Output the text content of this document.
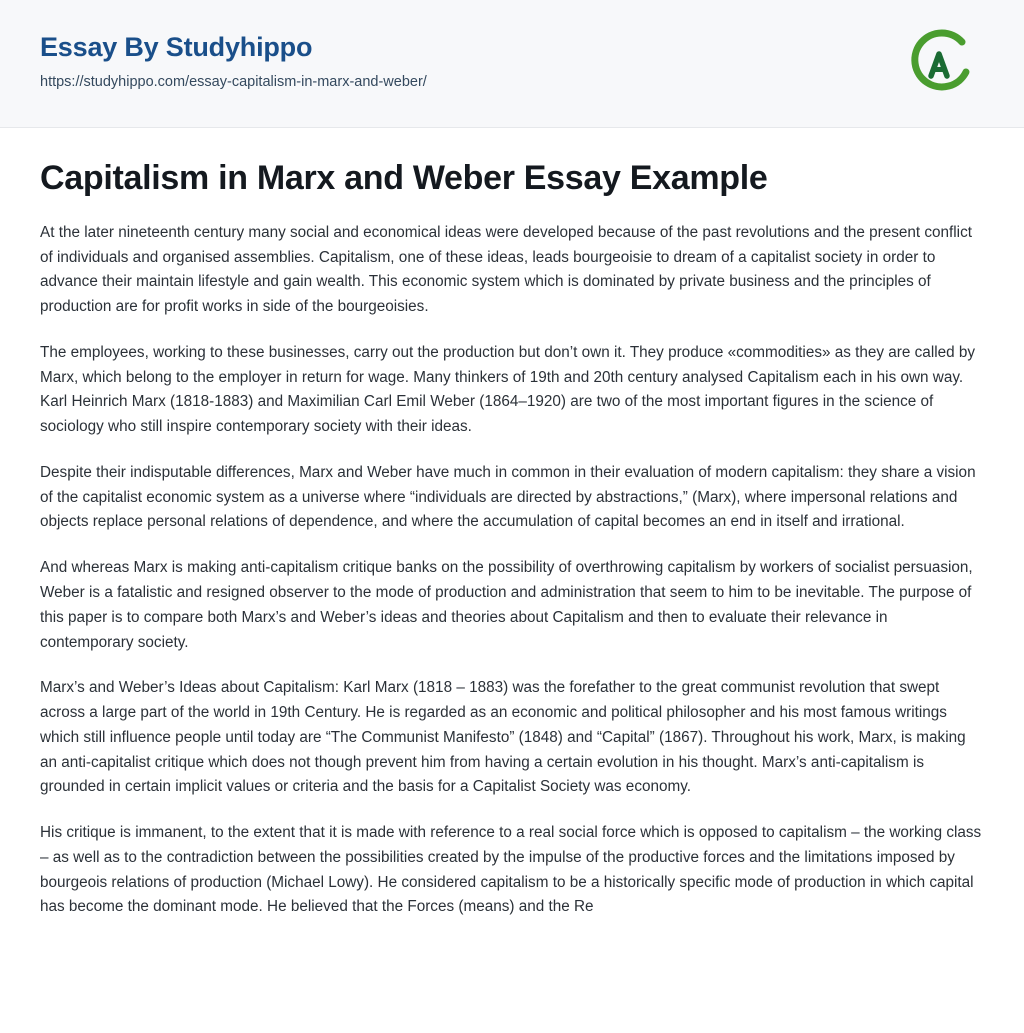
Essay By Studyhippo
https://studyhippo.com/essay-capitalism-in-marx-and-weber/
Capitalism in Marx and Weber Essay Example

At the later nineteenth century many social and economical ideas were developed because of the past revolutions and the present conflict of individuals and organised assemblies. Capitalism, one of these ideas, leads bourgeoisie to dream of a capitalist society in order to advance their maintain lifestyle and gain wealth. This economic system which is dominated by private business and the principles of production are for profit works in side of the bourgeoisies.

The employees, working to these businesses, carry out the production but don’t own it. They produce «commodities» as they are called by Marx, which belong to the employer in return for wage. Many thinkers of 19th and 20th century analysed Capitalism each in his own way. Karl Heinrich Marx (1818-1883) and Maximilian Carl Emil Weber (1864–1920) are two of the most important figures in the science of sociology who still inspire contemporary society with their ideas.

Despite their indisputable differences, Marx and Weber have much in common in their evaluation of modern capitalism: they share a vision of the capitalist economic system as a universe where “individuals are directed by abstractions,” (Marx), where impersonal relations and objects replace personal relations of dependence, and where the accumulation of capital becomes an end in itself and irrational.

And whereas Marx is making anti-capitalism critique banks on the possibility of overthrowing capitalism by workers of socialist persuasion, Weber is a fatalistic and resigned observer to the mode of production and administration that seem to him to be inevitable. The purpose of this paper is to compare both Marx’s and Weber’s ideas and theories about Capitalism and then to evaluate their relevance in contemporary society.

Marx’s and Weber’s Ideas about Capitalism: Karl Marx (1818 – 1883) was the forefather to the great communist revolution that swept across a large part of the world in 19th Century. He is regarded as an economic and political philosopher and his most famous writings which still influence people until today are “The Communist Manifesto” (1848) and “Capital” (1867). Throughout his work, Marx, is making an anti-capitalist critique which does not though prevent him from having a certain evolution in his thought. Marx’s anti-capitalism is grounded in certain implicit values or criteria and the basis for a Capitalist Society was economy.

His critique is immanent, to the extent that it is made with reference to a real social force which is opposed to capitalism – the working class – as well as to the contradiction between the possibilities created by the impulse of the productive forces and the limitations imposed by bourgeois relations of production (Michael Lowy). He considered capitalism to be a historically specific mode of production in which capital has become the dominant mode. He believed that the Forces (means) and the Re
